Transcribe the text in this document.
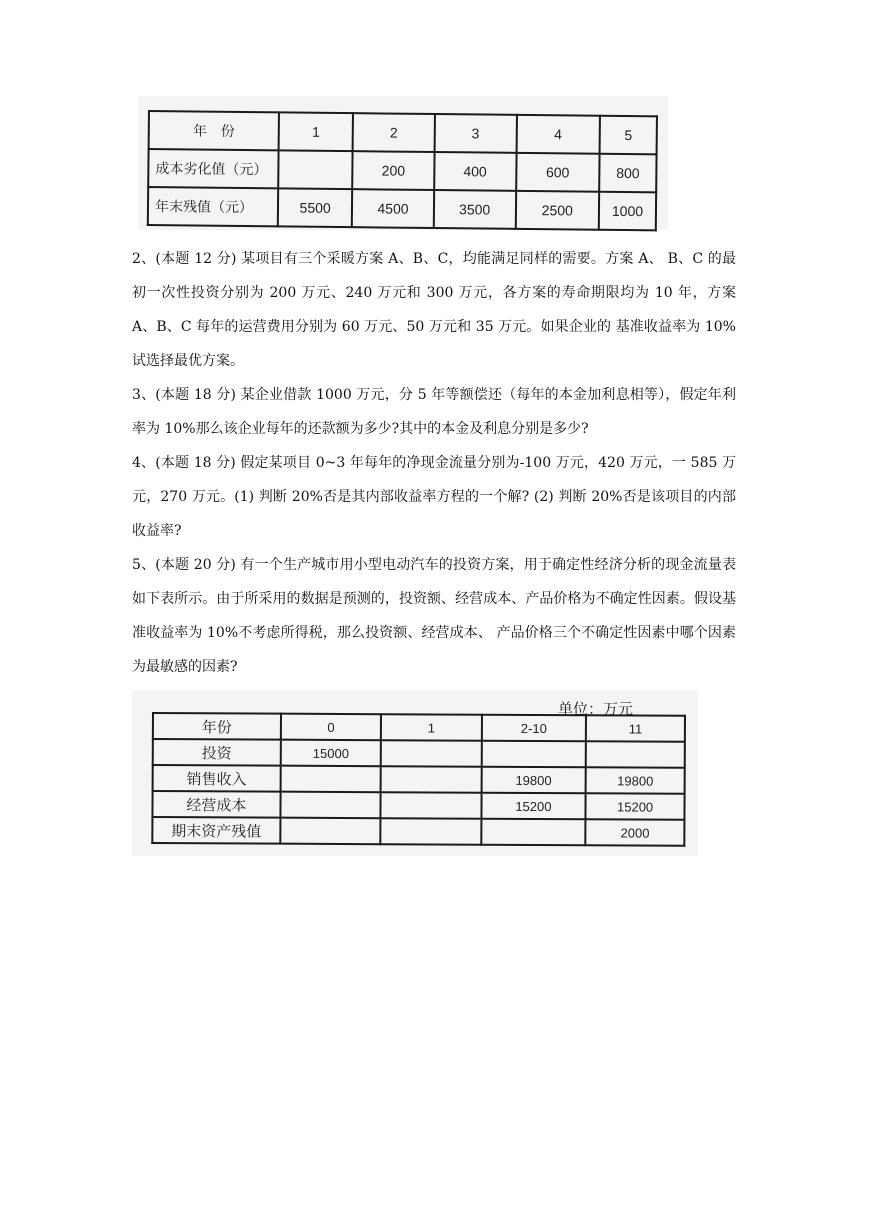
年　份	1	2	3	4	5
成本劣化值（元）		200	400	600	800
年末残值（元）	5500	4500	3500	2500	1000

2、(本题 12 分) 某项目有三个采暖方案 A、B、C，均能满足同样的需要。方案 A、 B、C 的最初一次性投资分别为 200 万元、240 万元和 300 万元，各方案的寿命期限均为 10 年，方案 A、B、C 每年的运营费用分别为 60 万元、50 万元和 35 万元。如果企业的 基准收益率为 10%试选择最优方案。

3、(本题 18 分) 某企业借款 1000 万元，分 5 年等额偿还（每年的本金加利息相等），假定年利率为 10%那么该企业每年的还款额为多少?其中的本金及利息分别是多少?

4、(本题 18 分) 假定某项目 0~3 年每年的净现金流量分别为-100 万元，420 万元，一 585 万元，270 万元。(1) 判断 20%否是其内部收益率方程的一个解? (2) 判断 20%否是该项目的内部收益率?

5、(本题 20 分) 有一个生产城市用小型电动汽车的投资方案，用于确定性经济分析的现金流量表如下表所示。由于所采用的数据是预测的，投资额、经营成本、产品价格为不确定性因素。假设基准收益率为 10%不考虑所得税，那么投资额、经营成本、 产品价格三个不确定性因素中哪个因素为最敏感的因素?

单位：万元
年份	0	1	2-10	11
投资	15000			
销售收入			19800	19800
经营成本			15200	15200
期末资产残值				2000
